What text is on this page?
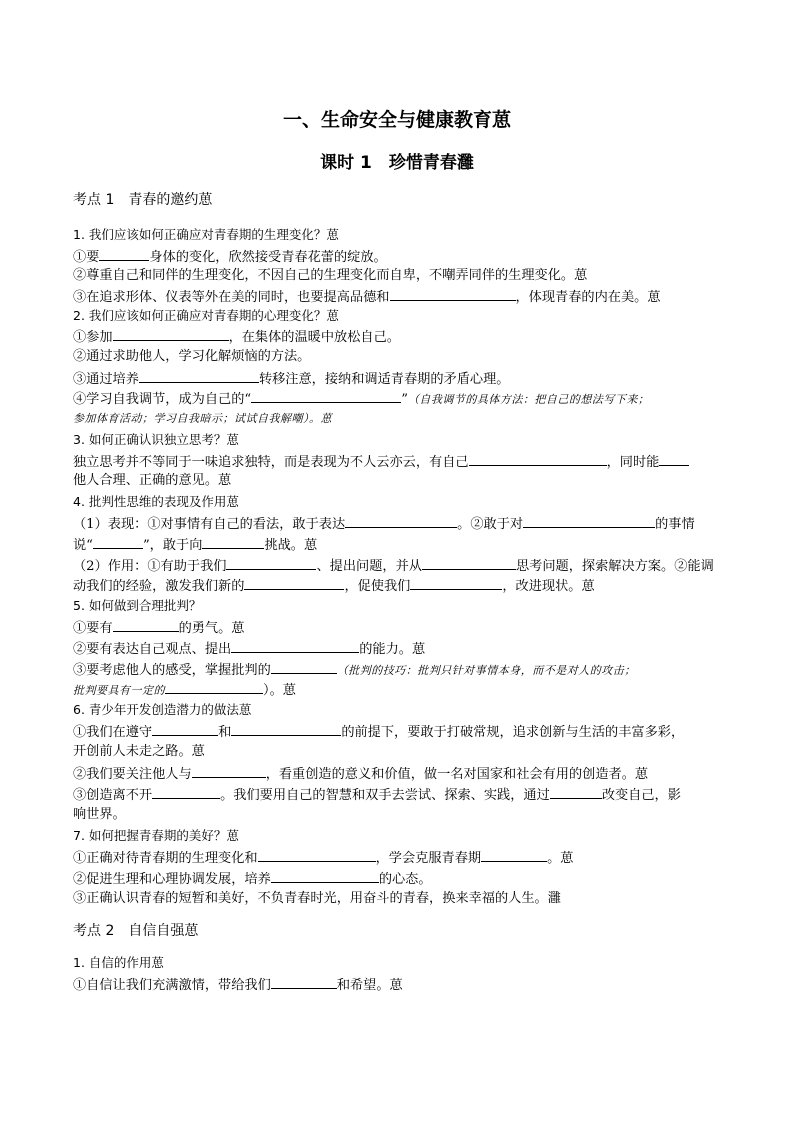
一、生命安全与健康教育葸
课时 1　珍惜青春灉
考点 1　青春的邀约葸
1. 我们应该如何正确应对青春期的生理变化？葸
①要	身体的变化，欣然接受青春花蕾的绽放。
②尊重自己和同伴的生理变化，不因自己的生理变化而自卑，不嘲弄同伴的生理变化。葸
③在追求形体、仪表等外在美的同时，也要提高品德和	，体现青春的内在美。葸
2. 我们应该如何正确应对青春期的心理变化？葸
①参加	，在集体的温暖中放松自己。
②通过求助他人，学习化解烦恼的方法。
③通过培养	转移注意，接纳和调适青春期的矛盾心理。
④学习自我调节，成为自己的“	”（自我调节的具体方法：把自己的想法写下来；
参加体育活动；学习自我暗示；试试自我解嘲）。葸
3. 如何正确认识独立思考？葸
独立思考并不等同于一味追求独特，而是表现为不人云亦云，有自己	，同时能
他人合理、正确的意见。葸
4. 批判性思维的表现及作用葸
（1）表现：①对事情有自己的看法，敢于表达	。②敢于对	的事情
说“	”，敢于向	挑战。葸
（2）作用：①有助于我们	、提出问题，并从	思考问题，探索解决方案。②能调
动我们的经验，激发我们新的	，促使我们	，改进现状。葸
5. 如何做到合理批判？
①要有	的勇气。葸
②要有表达自己观点、提出	的能力。葸
③要考虑他人的感受，掌握批判的	（批判的技巧：批判只针对事情本身，而不是对人的攻击；
批判要具有一定的	）。葸
6. 青少年开发创造潜力的做法葸
①我们在遵守	和	的前提下，要敢于打破常规，追求创新与生活的丰富多彩，
开创前人未走之路。葸
②我们要关注他人与	，看重创造的意义和价值，做一名对国家和社会有用的创造者。葸
③创造离不开	。我们要用自己的智慧和双手去尝试、探索、实践，通过	改变自己，影
响世界。
7. 如何把握青春期的美好？葸
①正确对待青春期的生理变化和	，学会克服青春期	。葸
②促进生理和心理协调发展，培养	的心态。
③正确认识青春的短暂和美好，不负青春时光，用奋斗的青春，换来幸福的人生。灉
考点 2　自信自强葸
1. 自信的作用葸
①自信让我们充满激情，带给我们	和希望。葸
